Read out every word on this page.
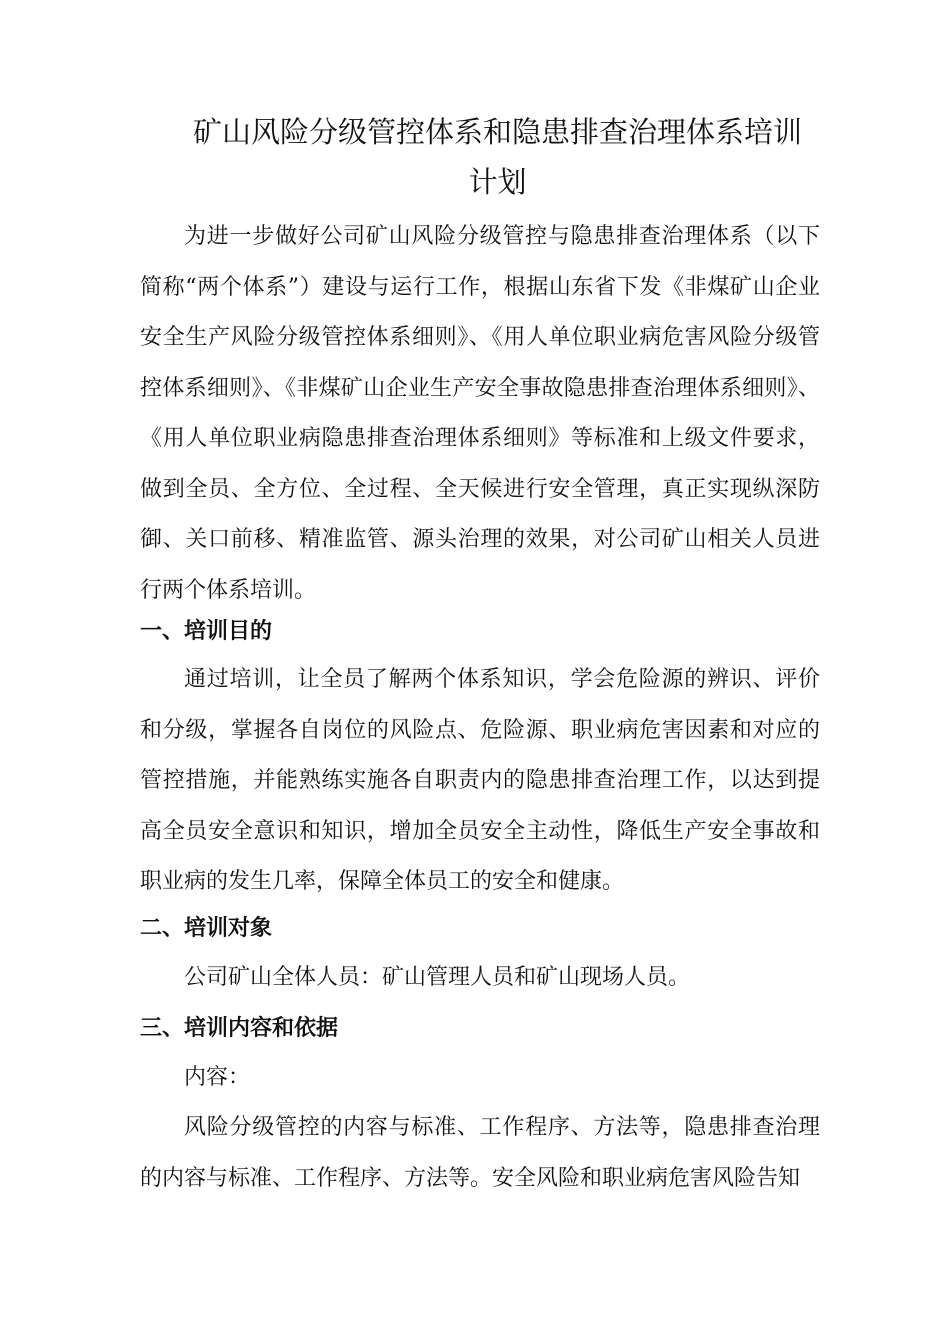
矿山风险分级管控体系和隐患排查治理体系培训
计划

为进一步做好公司矿山风险分级管控与隐患排查治理体系（以下简称“两个体系”）建设与运行工作，根据山东省下发《非煤矿山企业安全生产风险分级管控体系细则》、《用人单位职业病危害风险分级管控体系细则》、《非煤矿山企业生产安全事故隐患排查治理体系细则》、《用人单位职业病隐患排查治理体系细则》等标准和上级文件要求，做到全员、全方位、全过程、全天候进行安全管理，真正实现纵深防御、关口前移、精准监管、源头治理的效果，对公司矿山相关人员进行两个体系培训。

一、培训目的

通过培训，让全员了解两个体系知识，学会危险源的辨识、评价和分级，掌握各自岗位的风险点、危险源、职业病危害因素和对应的管控措施，并能熟练实施各自职责内的隐患排查治理工作，以达到提高全员安全意识和知识，增加全员安全主动性，降低生产安全事故和职业病的发生几率，保障全体员工的安全和健康。

二、培训对象

公司矿山全体人员：矿山管理人员和矿山现场人员。

三、培训内容和依据

内容：

风险分级管控的内容与标准、工作程序、方法等，隐患排查治理的内容与标准、工作程序、方法等。安全风险和职业病危害风险告知
